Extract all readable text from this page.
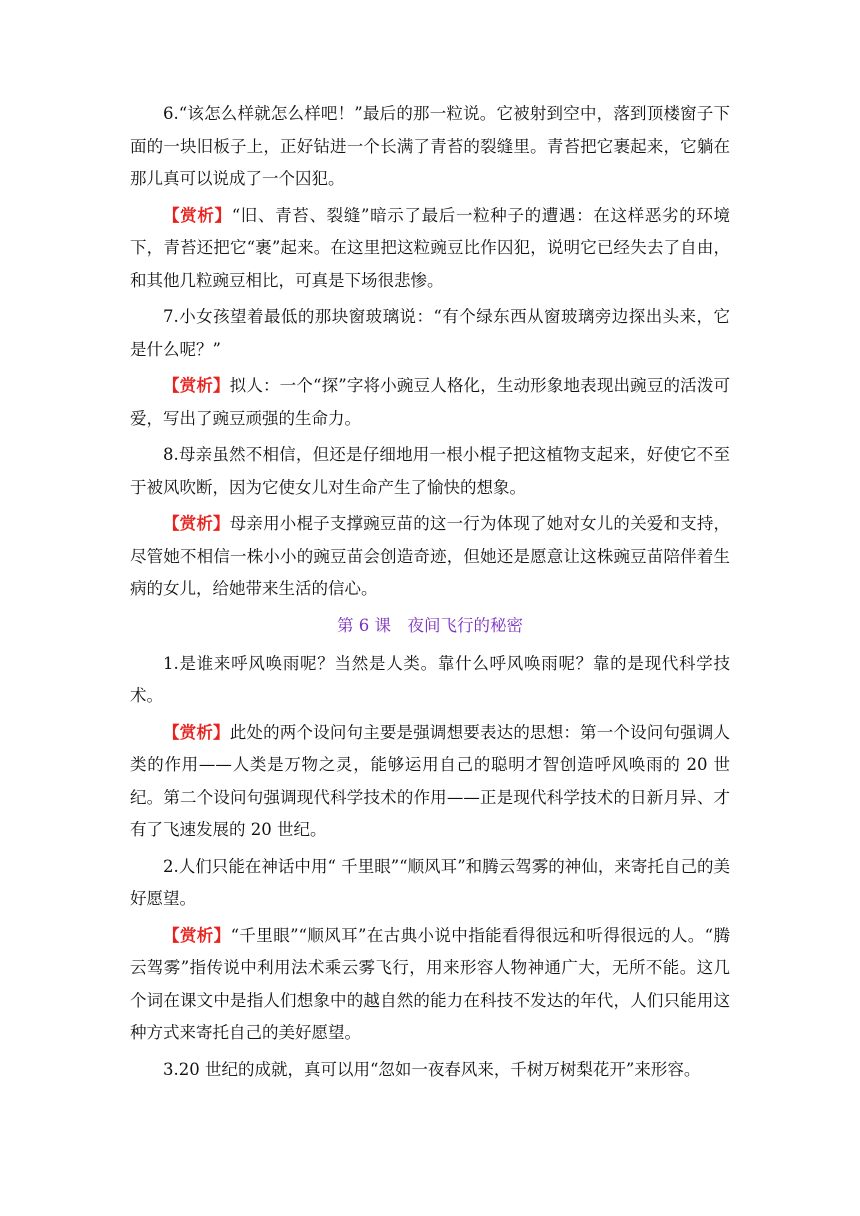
6.“该怎么样就怎么样吧！”最后的那一粒说。它被射到空中，落到顶楼窗子下面的一块旧板子上，正好钻进一个长满了青苔的裂缝里。青苔把它裹起来，它躺在那儿真可以说成了一个囚犯。

【赏析】“旧、青苔、裂缝”暗示了最后一粒种子的遭遇：在这样恶劣的环境下，青苔还把它“裹”起来。在这里把这粒豌豆比作囚犯，说明它已经失去了自由，和其他几粒豌豆相比，可真是下场很悲惨。

7.小女孩望着最低的那块窗玻璃说：“有个绿东西从窗玻璃旁边探出头来，它是什么呢？”

【赏析】拟人：一个“探”字将小豌豆人格化，生动形象地表现出豌豆的活泼可爱，写出了豌豆顽强的生命力。

8.母亲虽然不相信，但还是仔细地用一根小棍子把这植物支起来，好使它不至于被风吹断，因为它使女儿对生命产生了愉快的想象。

【赏析】母亲用小棍子支撑豌豆苗的这一行为体现了她对女儿的关爱和支持，尽管她不相信一株小小的豌豆苗会创造奇迹，但她还是愿意让这株豌豆苗陪伴着生病的女儿，给她带来生活的信心。

第 6 课　夜间飞行的秘密

1.是谁来呼风唤雨呢？当然是人类。靠什么呼风唤雨呢？靠的是现代科学技术。

【赏析】此处的两个设问句主要是强调想要表达的思想：第一个设问句强调人类的作用——人类是万物之灵，能够运用自己的聪明才智创造呼风唤雨的 20 世纪。第二个设问句强调现代科学技术的作用——正是现代科学技术的日新月异、才有了飞速发展的 20 世纪。

2.人们只能在神话中用“ 千里眼”“顺风耳”和腾云驾雾的神仙，来寄托自己的美好愿望。

【赏析】“千里眼”“顺风耳”在古典小说中指能看得很远和听得很远的人。“腾云驾雾”指传说中利用法术乘云雾飞行，用来形容人物神通广大，无所不能。这几个词在课文中是指人们想象中的越自然的能力在科技不发达的年代，人们只能用这种方式来寄托自己的美好愿望。

3.20 世纪的成就，真可以用“忽如一夜春风来，千树万树梨花开”来形容。
